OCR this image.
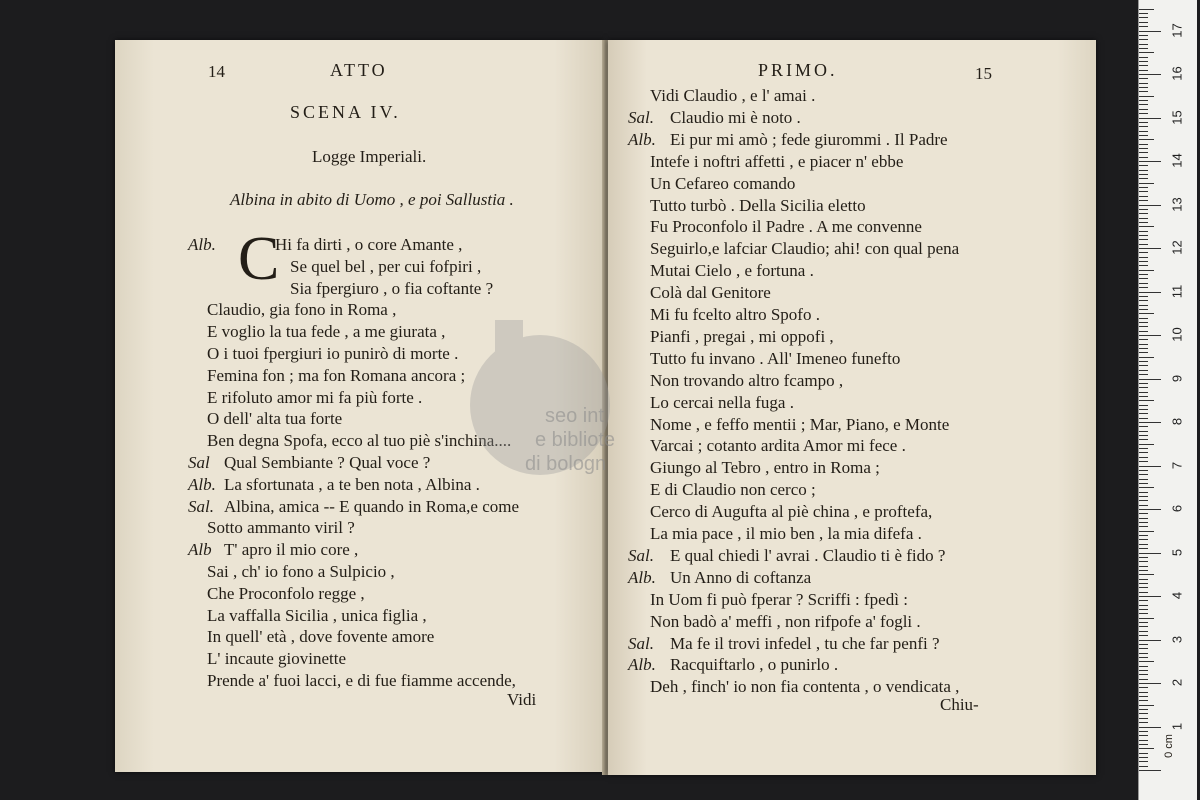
14	ATTO
SCENA IV.
Logge Imperiali.
Albina in abito di Uomo , e poi Sallustia .
C
Alb.	Hi fa dirti , o core Amante ,
Se quel bel , per cui fofpiri ,
Sia fpergiuro , o fia coftante ?
Claudio, gia fono in Roma ,
E voglio la tua fede , a me giurata ,
O i tuoi fpergiuri io punirò di morte .
Femina fon ; ma fon Romana ancora ;
E rifoluto amor mi fa più forte .
O dell' alta tua forte
Ben degna Spofa, ecco al tuo piè s'inchina....
Sal Qual Sembiante ? Qual voce ?
Alb. La sfortunata , a te ben nota , Albina .
Sal. Albina, amica -- E quando in Roma,e come
Sotto ammanto viril ?
Alb T' apro il mio core ,
Sai , ch' io fono a Sulpicio ,
Che Proconfolo regge ,
La vaffalla Sicilia , unica figlia ,
In quell' età , dove fovente amore
L' incaute giovinette
Prende a' fuoi lacci, e di fue fiamme accende,
Vidi
PRIMO.	15
Vidi Claudio , e l' amai .
Sal. Claudio mi è noto .
Alb. Ei pur mi amò ; fede giurommi . Il Padre
Intefe i noftri affetti , e piacer n' ebbe
Un Cefareo comando
Tutto turbò . Della Sicilia eletto
Fu Proconfolo il Padre . A me convenne
Seguirlo,e lafciar Claudio; ahi! con qual pena
Mutai Cielo , e fortuna .
Colà dal Genitore
Mi fu fcelto altro Spofo .
Pianfi , pregai , mi oppofi ,
Tutto fu invano . All' Imeneo funefto
Non trovando altro fcampo ,
Lo cercai nella fuga .
Nome , e feffo mentii ; Mar, Piano, e Monte
Varcai ; cotanto ardita Amor mi fece .
Giungo al Tebro , entro in Roma ;
E di Claudio non cerco ;
Cerco di Augufta al piè china , e proftefa,
La mia pace , il mio ben , la mia difefa .
Sal. E qual chiedi l' avrai . Claudio ti è fido ?
Alb. Un Anno di coftanza
In Uom fi può fperar ? Scriffi : fpedì :
Non badò a' meffi , non rifpofe a' fogli .
Sal. Ma fe il trovi infedel , tu che far penfi ?
Alb. Racquiftarlo , o punirlo .
Deh , finch' io non fia contenta , o vendicata ,
Chiu-
seo int
e bibliote
di bologn
1
2
3
4
5
6
7
8
9
10
11
12
13
14
15
16
17
0 cm
